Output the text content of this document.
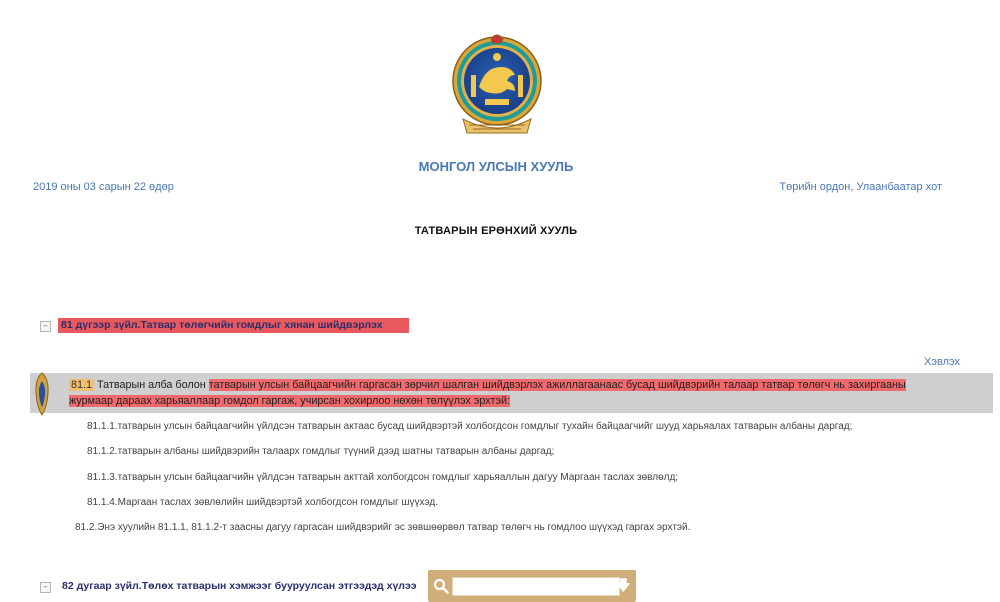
МОНГОЛ УЛСЫН ХУУЛЬ
2019 оны 03 сарын 22 өдөр	Төрийн ордон, Улаанбаатар хот
ТАТВАРЫН ЕРӨНХИЙ ХУУЛЬ
–	81 дүгээр зүйл.Татвар төлөгчийн гомдлыг хянан шийдвэрлэх
Хэвлэх
81.1 Татварын алба болон татварын улсын байцаагчийн гаргасан зөрчил шалган шийдвэрлэх ажиллагаанаас бусад шийдвэрийн талаар татвар төлөгч нь захиргааны
журмаар дараах харьяаллаар гомдол гаргаж, учирсан хохирлоо нөхөн төлүүлэх эрхтэй:
81.1.1.татварын улсын байцаагчийн үйлдсэн татварын актаас бусад шийдвэртэй холбогдсон гомдлыг тухайн байцаагчийг шууд харьяалах татварын албаны даргад;
81.1.2.татварын албаны шийдвэрийн талаарх гомдлыг түүний дээд шатны татварын албаны даргад;
81.1.3.татварын улсын байцаагчийн үйлдсэн татварын акттай холбогдсон гомдлыг харьяаллын дагуу Маргаан таслах зөвлөлд;
81.1.4.Маргаан таслах зөвлөлийн шийдвэртэй холбогдсон гомдлыг шүүхэд.
81.2.Энэ хуулийн 81.1.1, 81.1.2-т заасны дагуу гаргасан шийдвэрийг эс зөвшөөрвөл татвар төлөгч нь гомдлоо шүүхэд гаргах эрхтэй.
–	82 дугаар зүйл.Төлөх татварын хэмжээг бууруулсан этгээдэд хүлээ	🡅 🡇
